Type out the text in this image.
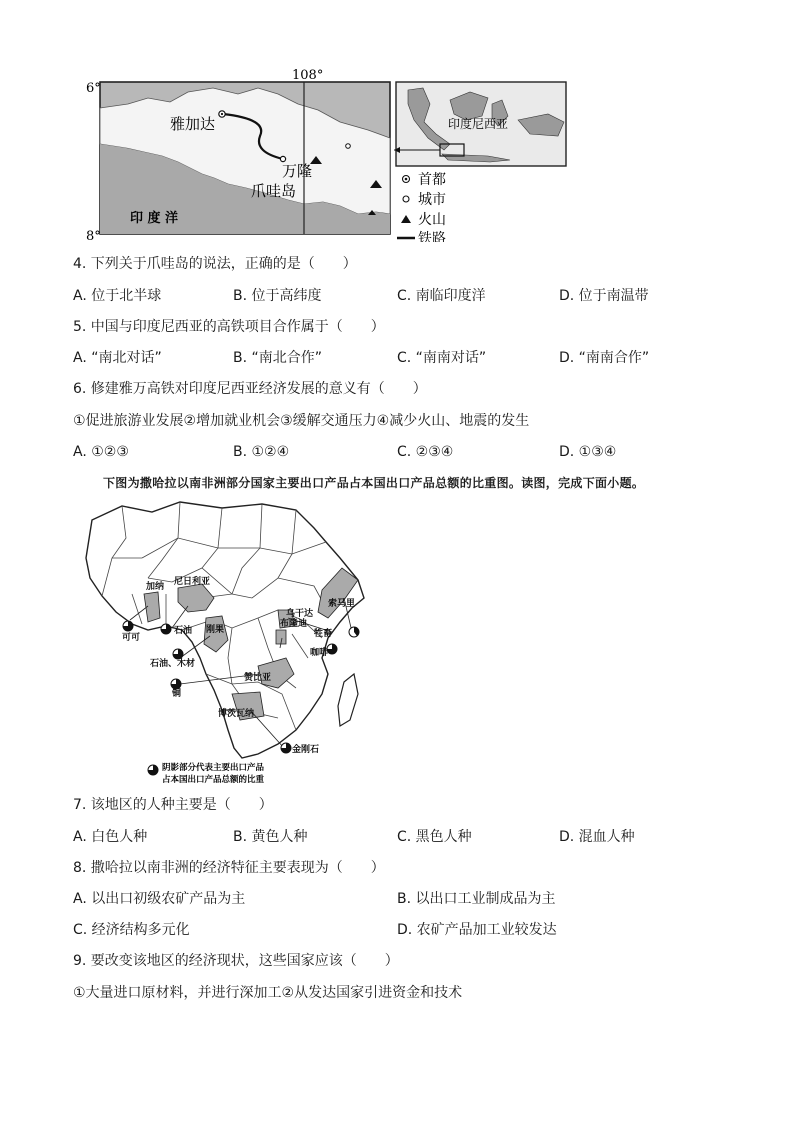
6°
8°
108°
雅加达
万隆
爪哇岛
印 度 洋
印度尼西亚
首都
城市
火山
铁路
4. 下列关于爪哇岛的说法，正确的是（　　）
A. 位于北半球	B. 位于高纬度	C. 南临印度洋	D. 位于南温带
5. 中国与印度尼西亚的高铁项目合作属于（　　）
A. “南北对话”	B. “南北合作”	C. “南南对话”	D. “南南合作”
6. 修建雅万高铁对印度尼西亚经济发展的意义有（　　）
①促进旅游业发展②增加就业机会③缓解交通压力④减少火山、地震的发生
A. ①②③	B. ①②④	C. ②③④	D. ①③④
下图为撒哈拉以南非洲部分国家主要出口产品占本国出口产品总额的比重图。读图，完成下面小题。
尼日利亚
加纳
可可
石油 刚果
石油、木材
铜
赞比亚
博茨瓦纳
金刚石
乌干达
布隆迪
咖啡
索马里
牲畜
阴影部分代表主要出口产品
占本国出口产品总额的比重
7. 该地区的人种主要是（　　）
A. 白色人种	B. 黄色人种	C. 黑色人种	D. 混血人种
8. 撒哈拉以南非洲的经济特征主要表现为（　　）
A. 以出口初级农矿产品为主	B. 以出口工业制成品为主
C. 经济结构多元化	D. 农矿产品加工业较发达
9. 要改变该地区的经济现状，这些国家应该（　　）
①大量进口原材料，并进行深加工②从发达国家引进资金和技术
